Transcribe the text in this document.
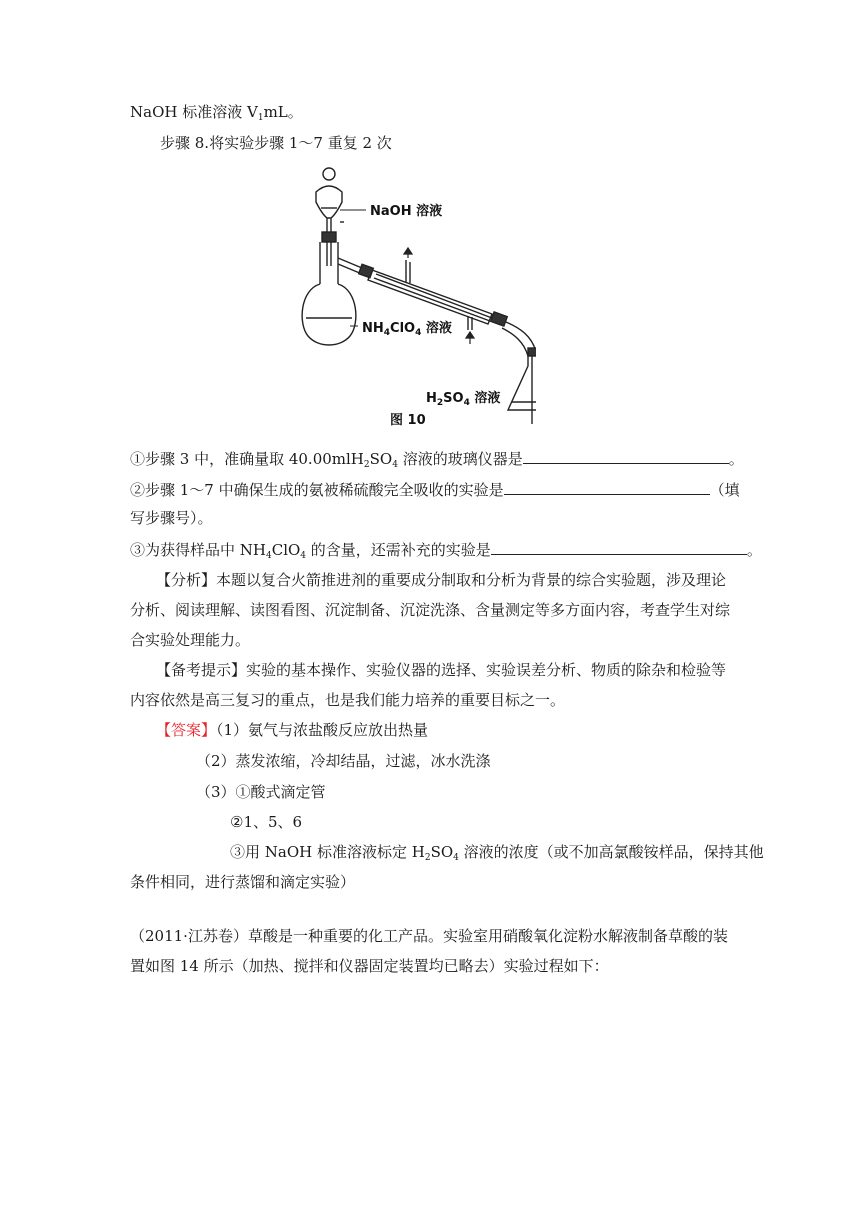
NaOH 标准溶液 $V_1mL$。
步骤 8.将实验步骤 1～7 重复 2 次
NaOH 溶液
$NH_4ClO_4$ 溶液
$H_2SO_4$ 溶液
图 10
①步骤 3 中，准确量取 $40.00mlH_2SO_4$ 溶液的玻璃仪器是	。
②步骤 1～7 中确保生成的氨被稀硫酸完全吸收的实验是	（填
写步骤号）。
③为获得样品中 $NH_4ClO_4$ 的含量，还需补充的实验是	。
【分析】本题以复合火箭推进剂的重要成分制取和分析为背景的综合实验题，涉及理论
分析、阅读理解、读图看图、沉淀制备、沉淀洗涤、含量测定等多方面内容，考查学生对综
合实验处理能力。
【备考提示】实验的基本操作、实验仪器的选择、实验误差分析、物质的除杂和检验等
内容依然是高三复习的重点，也是我们能力培养的重要目标之一。
【答案】（1）氨气与浓盐酸反应放出热量
（2）蒸发浓缩，冷却结晶，过滤，冰水洗涤
（3）①酸式滴定管
②1、5、6
③用 NaOH 标准溶液标定 $H_2SO_4$ 溶液的浓度（或不加高氯酸铵样品，保持其他
条件相同，进行蒸馏和滴定实验）
（2011·江苏卷）草酸是一种重要的化工产品。实验室用硝酸氧化淀粉水解液制备草酸的装
置如图 14 所示（加热、搅拌和仪器固定装置均已略去）实验过程如下：
